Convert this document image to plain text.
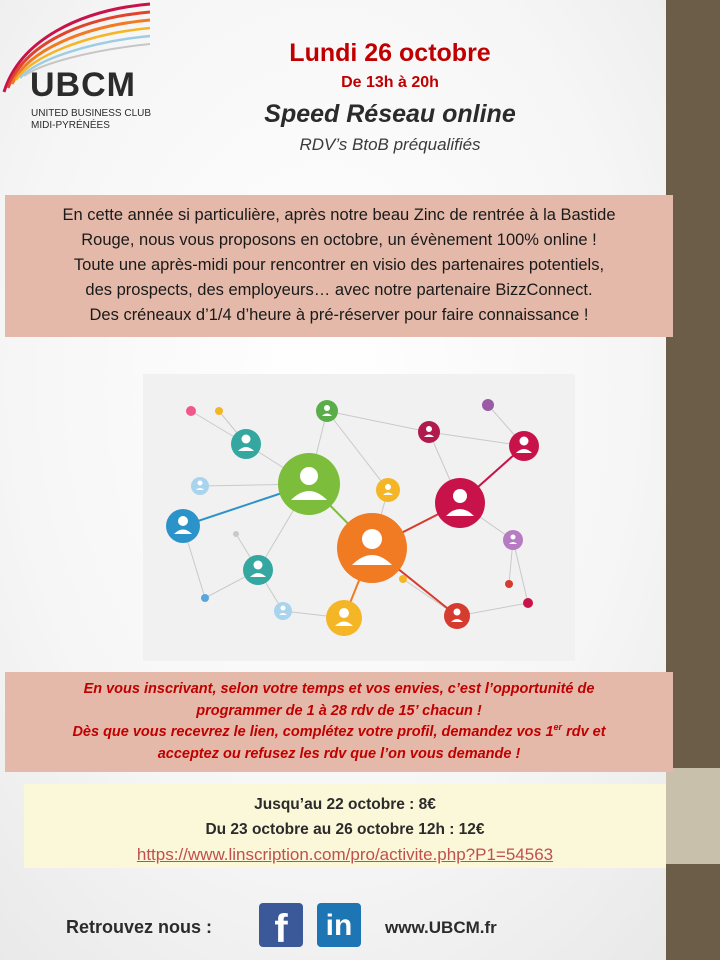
UBCM
UNITED BUSINESS CLUB
MIDI-PYRÉNÉES
Lundi 26 octobre
De 13h à 20h
Speed Réseau online
RDV’s BtoB préqualifiés

En cette année si particulière, après notre beau Zinc de rentrée à la Bastide

Rouge, nous vous proposons en octobre, un évènement 100% online !

Toute une après-midi pour rencontrer en visio des partenaires potentiels,

des prospects, des employeurs… avec notre partenaire BizzConnect.

Des créneaux d’1/4 d’heure à pré-réserver pour faire connaissance !

En vous inscrivant, selon votre temps et vos envies, c’est l’opportunité de

programmer de 1 à 28 rdv de 15’ chacun !

Dès que vous recevrez le lien, complétez votre profil, demandez vos 1er rdv et

acceptez ou refusez les rdv que l’on vous demande !

Jusqu’au 22 octobre : 8€
Du 23 octobre au 26 octobre 12h : 12€
https://www.linscription.com/pro/activite.php?P1=54563
Retrouvez nous :	f	in	www.UBCM.fr
